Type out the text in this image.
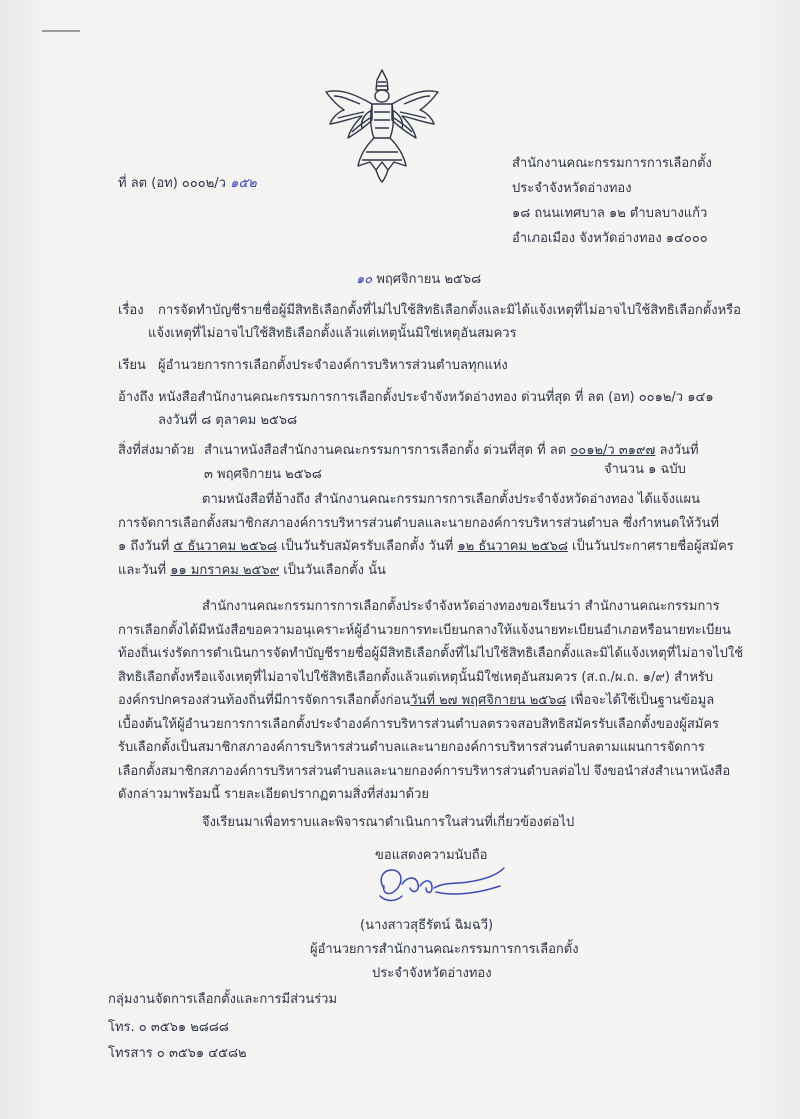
ที่ ลต (อท) ๐๐๐๒/ว ๑๕๒
สำนักงานคณะกรรมการการเลือกตั้ง
ประจำจังหวัดอ่างทอง
๑๘ ถนนเทศบาล ๑๒ ตำบลบางแก้ว
อำเภอเมือง จังหวัดอ่างทอง ๑๔๐๐๐
๑๐ พฤศจิกายน ๒๕๖๘
เรื่อง การจัดทำบัญชีรายชื่อผู้มีสิทธิเลือกตั้งที่ไม่ไปใช้สิทธิเลือกตั้งและมิได้แจ้งเหตุที่ไม่อาจไปใช้สิทธิเลือกตั้งหรือ
แจ้งเหตุที่ไม่อาจไปใช้สิทธิเลือกตั้งแล้วแต่เหตุนั้นมิใช่เหตุอันสมควร
เรียน ผู้อำนวยการการเลือกตั้งประจำองค์การบริหารส่วนตำบลทุกแห่ง
อ้างถึง หนังสือสำนักงานคณะกรรมการการเลือกตั้งประจำจังหวัดอ่างทอง ด่วนที่สุด ที่ ลต (อท) ๐๐๑๒/ว ๑๔๑
ลงวันที่ ๘ ตุลาคม ๒๕๖๘
สิ่งที่ส่งมาด้วย สำเนาหนังสือสำนักงานคณะกรรมการการเลือกตั้ง ด่วนที่สุด ที่ ลต ๐๐๑๒/ว ๓๑๙๗ ลงวันที่
๓ พฤศจิกายน ๒๕๖๘	จำนวน ๑ ฉบับ
ตามหนังสือที่อ้างถึง สำนักงานคณะกรรมการการเลือกตั้งประจำจังหวัดอ่างทอง ได้แจ้งแผน
การจัดการเลือกตั้งสมาชิกสภาองค์การบริหารส่วนตำบลและนายกองค์การบริหารส่วนตำบล ซึ่งกำหนดให้วันที่
๑ ถึงวันที่ ๕ ธันวาคม ๒๕๖๘ เป็นวันรับสมัครรับเลือกตั้ง วันที่ ๑๒ ธันวาคม ๒๕๖๘ เป็นวันประกาศรายชื่อผู้สมัคร
และวันที่ ๑๑ มกราคม ๒๕๖๙ เป็นวันเลือกตั้ง นั้น
สำนักงานคณะกรรมการการเลือกตั้งประจำจังหวัดอ่างทองขอเรียนว่า สำนักงานคณะกรรมการ
การเลือกตั้งได้มีหนังสือขอความอนุเคราะห์ผู้อำนวยการทะเบียนกลางให้แจ้งนายทะเบียนอำเภอหรือนายทะเบียน
ท้องถิ่นเร่งรัดการดำเนินการจัดทำบัญชีรายชื่อผู้มีสิทธิเลือกตั้งที่ไม่ไปใช้สิทธิเลือกตั้งและมิได้แจ้งเหตุที่ไม่อาจไปใช้
สิทธิเลือกตั้งหรือแจ้งเหตุที่ไม่อาจไปใช้สิทธิเลือกตั้งแล้วแต่เหตุนั้นมิใช่เหตุอันสมควร (ส.ถ./ผ.ถ. ๑/๙) สำหรับ
องค์กรปกครองส่วนท้องถิ่นที่มีการจัดการเลือกตั้งก่อนวันที่ ๒๗ พฤศจิกายน ๒๕๖๘ เพื่อจะได้ใช้เป็นฐานข้อมูล
เบื้องต้นให้ผู้อำนวยการการเลือกตั้งประจำองค์การบริหารส่วนตำบลตรวจสอบสิทธิสมัครรับเลือกตั้งของผู้สมัคร
รับเลือกตั้งเป็นสมาชิกสภาองค์การบริหารส่วนตำบลและนายกองค์การบริหารส่วนตำบลตามแผนการจัดการ
เลือกตั้งสมาชิกสภาองค์การบริหารส่วนตำบลและนายกองค์การบริหารส่วนตำบลต่อไป จึงขอนำส่งสำเนาหนังสือ
ดังกล่าวมาพร้อมนี้ รายละเอียดปรากฏตามสิ่งที่ส่งมาด้วย
จึงเรียนมาเพื่อทราบและพิจารณาดำเนินการในส่วนที่เกี่ยวข้องต่อไป
ขอแสดงความนับถือ
(นางสาวสุธีรัตน์ ฉิมฉวี)
ผู้อำนวยการสำนักงานคณะกรรมการการเลือกตั้ง
ประจำจังหวัดอ่างทอง
กลุ่มงานจัดการเลือกตั้งและการมีส่วนร่วม
โทร. ๐ ๓๕๖๑ ๒๘๘๘
โทรสาร ๐ ๓๕๖๑ ๔๕๘๒
